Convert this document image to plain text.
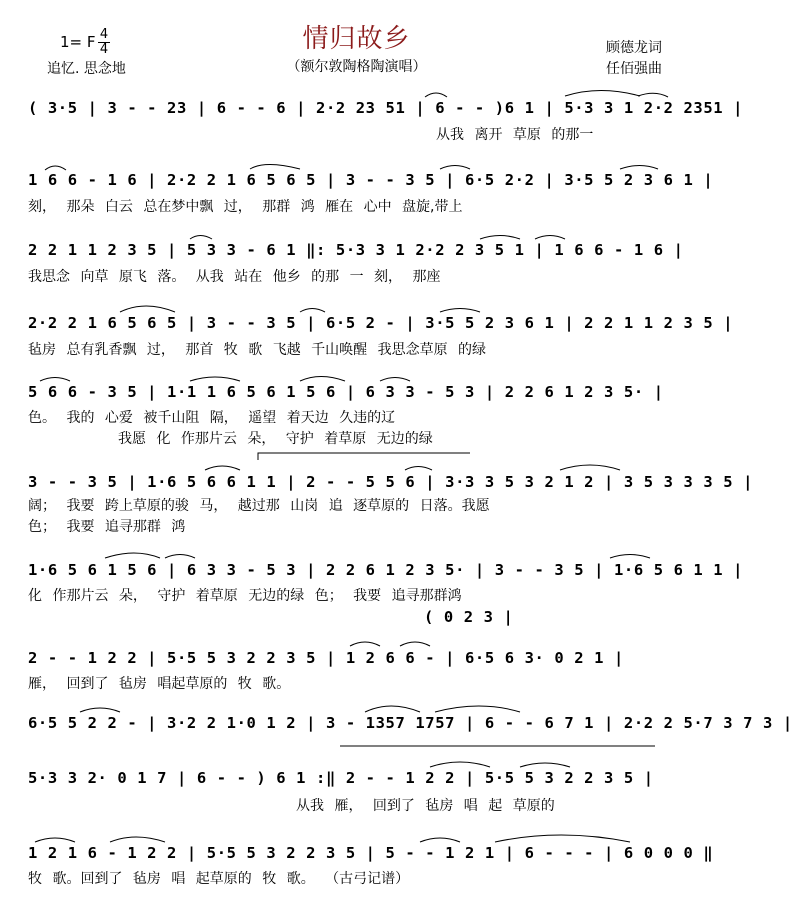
情归故乡
（额尔敦陶格陶演唱）
1= F 4
4
追忆. 思念地
顾德龙词
任佰强曲
( 3·5 | 3 - - 23 | 6 - - 6 | 2·2 23 51 | 6 - - )6 1 | 5·3 3 1 2·2 2351 |
从我 离开 草原 的那一
1 6 6 - 1 6 | 2·2 2 1 6 5 6 5 | 3 - - 3 5 | 6·5 2·2 | 3·5 5 2 3 6 1 |
刻， 那朵 白云 总在梦中飘 过， 那群 鸿 雁在 心中 盘旋,带上
2 2 1 1 2 3 5 | 5 3 3 - 6 1 ‖: 5·3 3 1 2·2 2 3 5 1 | 1 6 6 - 1 6 |
我思念 向草 原飞 落。 从我 站在 他乡 的那 一 刻， 那座
2·2 2 1 6 5 6 5 | 3 - - 3 5 | 6·5 2 - | 3·5 5 2 3 6 1 | 2 2 1 1 2 3 5 |
毡房 总有乳香飘 过， 那首 牧 歌 飞越 千山唤醒 我思念草原 的绿
5 6 6 - 3 5 | 1·1 1 6 5 6 1 5 6 | 6 3 3 - 5 3 | 2 2 6 1 2 3 5· |
色。 我的 心爱 被千山阻 隔， 遥望 着天边 久违的辽
我愿 化 作那片云 朵， 守护 着草原 无边的绿
3 - - 3 5 | 1·6 5 6 6 1 1 | 2 - - 5 5 6 | 3·3 3 5 3 2 1 2 | 3 5 3 3 3 5 |
阔； 我要 跨上草原的骏 马， 越过那 山岗 追 逐草原的 日落。我愿
色； 我要 追寻那群 鸿
1·6 5 6 1 5 6 | 6 3 3 - 5 3 | 2 2 6 1 2 3 5· | 3 - - 3 5 | 1·6 5 6 1 1 |
化 作那片云 朵， 守护 着草原 无边的绿 色； 我要 追寻那群鸿
( 0 2 3 |
2 - - 1 2 2 | 5·5 5 3 2 2 3 5 | 1 2 6 6 - | 6·5 6 3· 0 2 1 |
雁， 回到了 毡房 唱起草原的 牧 歌。
6·5 5 2 2 - | 3·2 2 1·0 1 2 | 3 - 1357 1757 | 6 - - 6 7 1 | 2·2 2 5·7 3 7 3 |
5·3 3 2· 0 1 7 | 6 - - ) 6 1 :‖ 2 - - 1 2 2 | 5·5 5 3 2 2 3 5 |
从我 雁， 回到了 毡房 唱 起 草原的
1 2 1 6 - 1 2 2 | 5·5 5 3 2 2 3 5 | 5 - - 1 2 1 | 6 - - - | 6 0 0 0 ‖
牧 歌。回到了 毡房 唱 起草原的 牧 歌。 （古弓记谱）
